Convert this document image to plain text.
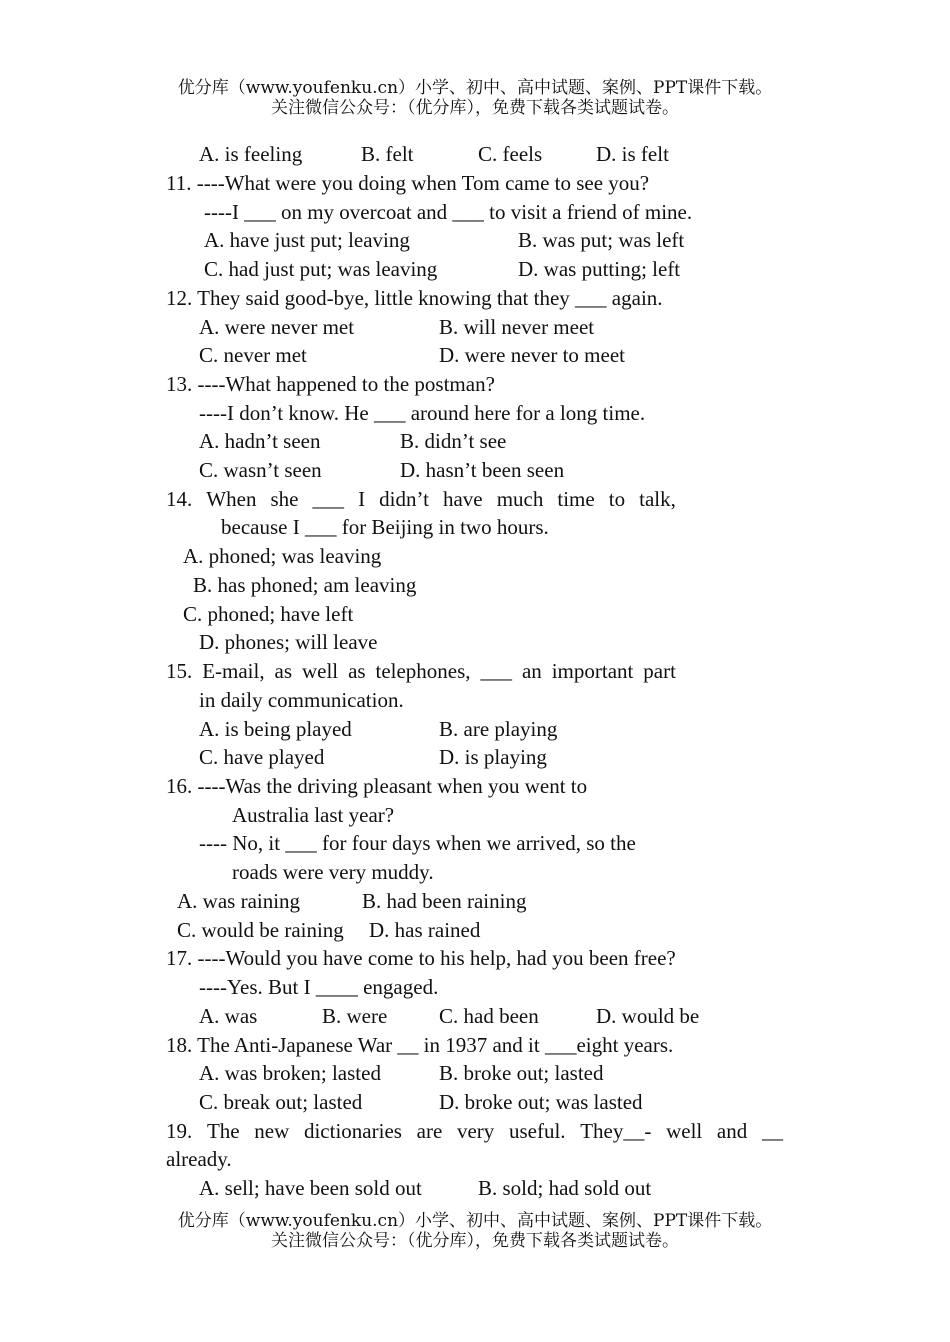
优分库（www.youfenku.cn）小学、初中、高中试题、案例、PPT课件下载。
关注微信公众号：（优分库），免费下载各类试题试卷。
A. is feeling	B. felt	C. feels	D. is felt
11. ----What were you doing when Tom came to see you?
----I ___ on my overcoat and ___ to visit a friend of mine.
A. have just put; leaving	B. was put; was left
C. had just put; was leaving	D. was putting; left
12. They said good-bye, little knowing that they ___ again.
A. were never met	B. will never meet
C. never met	D. were never to meet
13. ----What happened to the postman?
----I don’t know. He ___ around here for a long time.
A. hadn’t seen	B. didn’t see
C. wasn’t seen	D. hasn’t been seen
14. When she ___ I didn’t have much time to talk,
because I ___ for Beijing in two hours.
A. phoned; was leaving
B. has phoned; am leaving
C. phoned; have left
D. phones; will leave
15. E-mail, as well as telephones, ___ an important part
in daily communication.
A. is being played	B. are playing
C. have played	D. is playing
16. ----Was the driving pleasant when you went to
Australia last year?
---- No, it ___ for four days when we arrived, so the
roads were very muddy.
A. was raining	B. had been raining
C. would be raining D. has rained
17. ----Would you have come to his help, had you been free?
----Yes. But I ____ engaged.
A. was	B. were C. had been	D. would be
18. The Anti-Japanese War __ in 1937 and it ___eight years.
A. was broken; lasted	B. broke out; lasted
C. break out; lasted	D. broke out; was lasted
19. The new dictionaries are very useful. They__- well and __
already.
A. sell; have been sold out	B. sold; had sold out
优分库（www.youfenku.cn）小学、初中、高中试题、案例、PPT课件下载。
关注微信公众号：（优分库），免费下载各类试题试卷。
